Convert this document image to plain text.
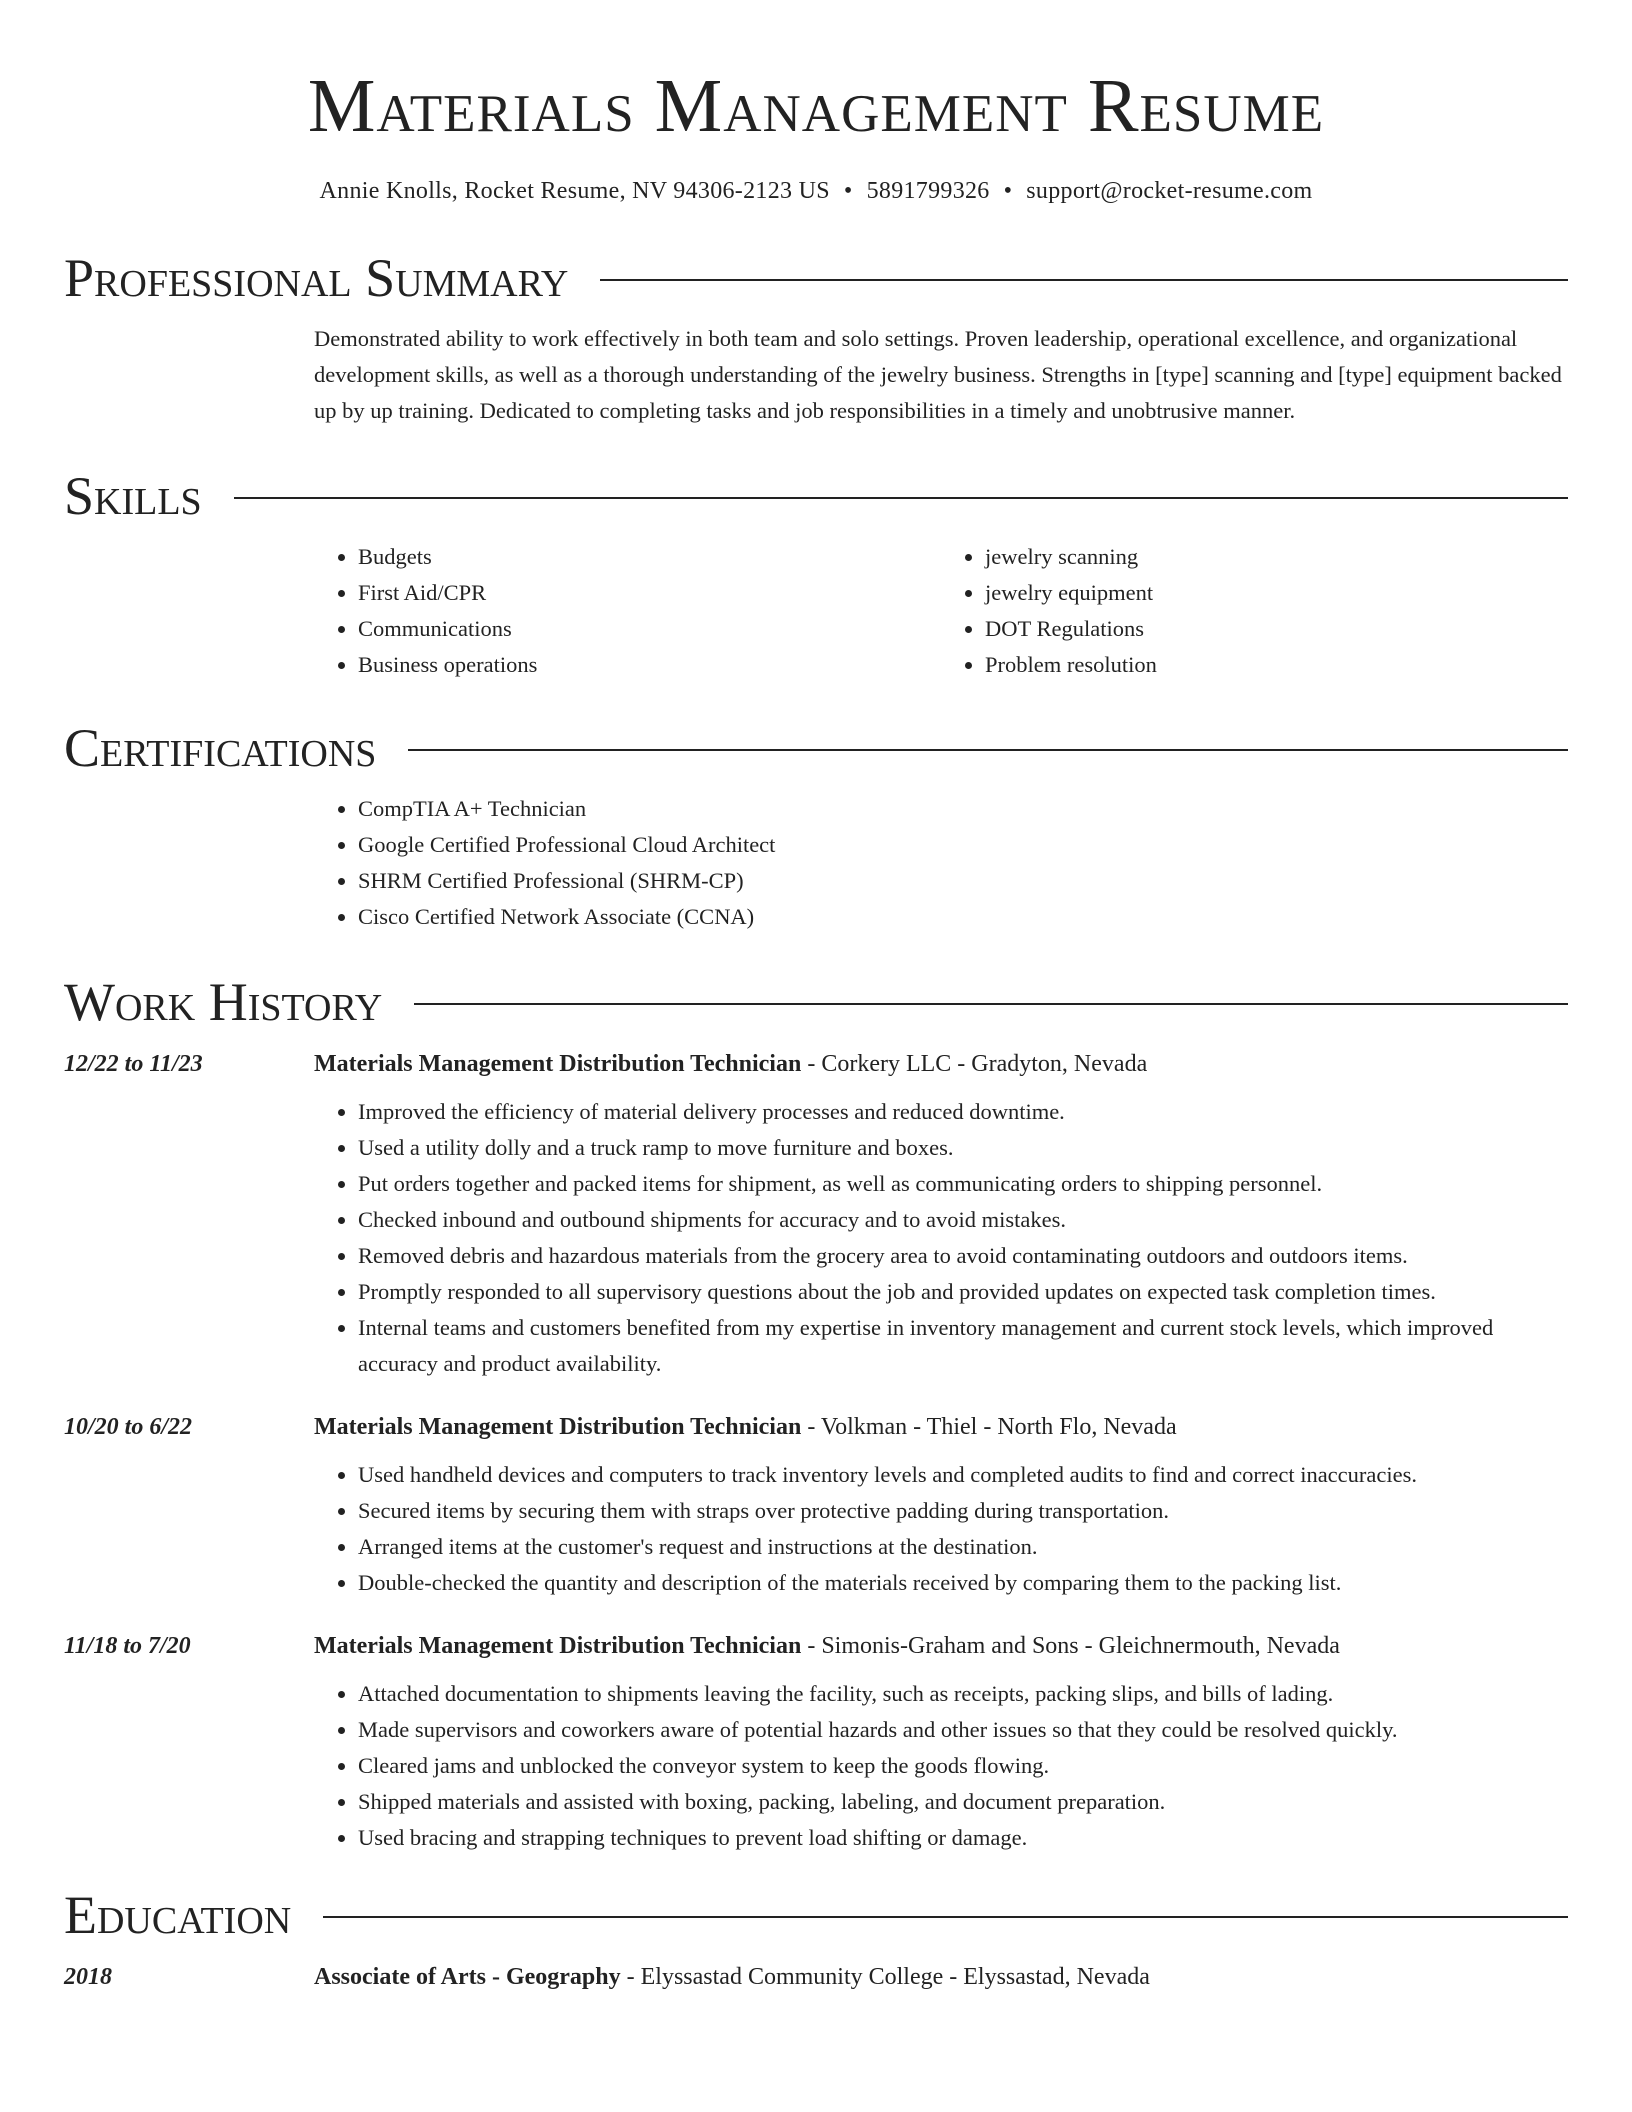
Materials Management Resume
Annie Knolls, Rocket Resume, NV 94306-2123 US • 5891799326 • support@rocket-resume.com
Professional Summary

Demonstrated ability to work effectively in both team and solo settings. Proven leadership, operational excellence, and organizational development skills, as well as a thorough understanding of the jewelry business. Strengths in [type] scanning and [type] equipment backed up by up training. Dedicated to completing tasks and job responsibilities in a timely and unobtrusive manner.

Skills
• Budgets
• First Aid/CPR
• Communications
• Business operations
• jewelry scanning
• jewelry equipment
• DOT Regulations
• Problem resolution
Certifications
• CompTIA A+ Technician
• Google Certified Professional Cloud Architect
• SHRM Certified Professional (SHRM-CP)
• Cisco Certified Network Associate (CCNA)
Work History
12/22 to 11/23	Materials Management Distribution Technician - Corkery LLC - Gradyton, Nevada
• Improved the efficiency of material delivery processes and reduced downtime.
• Used a utility dolly and a truck ramp to move furniture and boxes.
• Put orders together and packed items for shipment, as well as communicating orders to shipping personnel.
• Checked inbound and outbound shipments for accuracy and to avoid mistakes.
• Removed debris and hazardous materials from the grocery area to avoid contaminating outdoors and outdoors items.
• Promptly responded to all supervisory questions about the job and provided updates on expected task completion times.
• Internal teams and customers benefited from my expertise in inventory management and current stock levels, which improved accuracy and product availability.
10/20 to 6/22	Materials Management Distribution Technician - Volkman - Thiel - North Flo, Nevada
• Used handheld devices and computers to track inventory levels and completed audits to find and correct inaccuracies.
• Secured items by securing them with straps over protective padding during transportation.
• Arranged items at the customer's request and instructions at the destination.
• Double-checked the quantity and description of the materials received by comparing them to the packing list.
11/18 to 7/20	Materials Management Distribution Technician - Simonis-Graham and Sons - Gleichnermouth, Nevada
• Attached documentation to shipments leaving the facility, such as receipts, packing slips, and bills of lading.
• Made supervisors and coworkers aware of potential hazards and other issues so that they could be resolved quickly.
• Cleared jams and unblocked the conveyor system to keep the goods flowing.
• Shipped materials and assisted with boxing, packing, labeling, and document preparation.
• Used bracing and strapping techniques to prevent load shifting or damage.
Education
2018	Associate of Arts - Geography - Elyssastad Community College - Elyssastad, Nevada
